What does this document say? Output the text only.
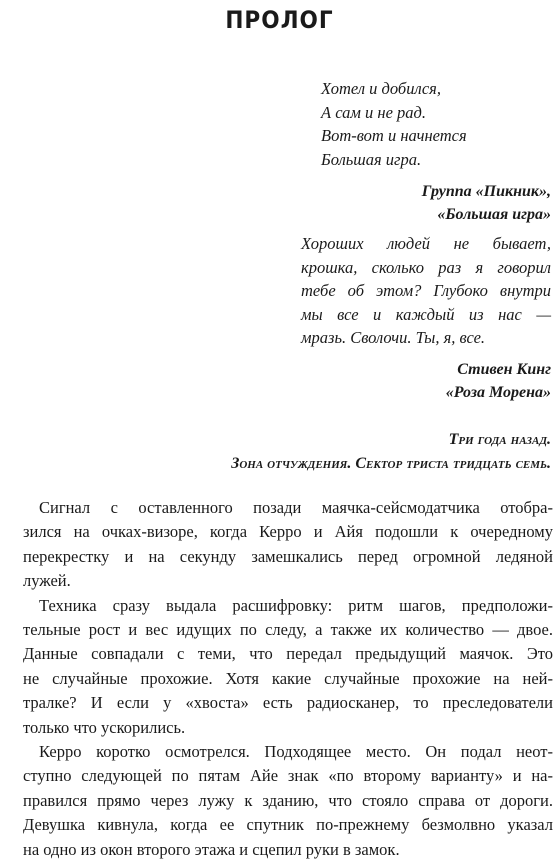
ПРОЛОГ
Хотел и добился,
А сам и не рад.
Вот-вот и начнется
Большая игра.
Группа «Пикник»,
«Большая игра»
Хороших людей не бывает,
крошка, сколько раз я говорил
тебе об этом? Глубоко внутри
мы все и каждый из нас —
мразь. Сволочи. Ты, я, все.
Стивен Кинг
«Роза Морена»
Три года назад.
Зона отчуждения. Сектор триста тридцать семь.
Сигнал с оставленного позади маячка-сейсмодатчика отобра-
зился на очках-визоре, когда Керро и Айя подошли к очередному
перекрестку и на секунду замешкались перед огромной ледяной
лужей.
Техника сразу выдала расшифровку: ритм шагов, предположи-
тельные рост и вес идущих по следу, а также их количество — двое.
Данные совпадали с теми, что передал предыдущий маячок. Это
не случайные прохожие. Хотя какие случайные прохожие на ней-
тралке? И если у «хвоста» есть радиосканер, то преследователи
только что ускорились.
Керро коротко осмотрелся. Подходящее место. Он подал неот-
ступно следующей по пятам Айе знак «по второму варианту» и на-
правился прямо через лужу к зданию, что стояло справа от дороги.
Девушка кивнула, когда ее спутник по-прежнему безмолвно указал
на одно из окон второго этажа и сцепил руки в замок.
